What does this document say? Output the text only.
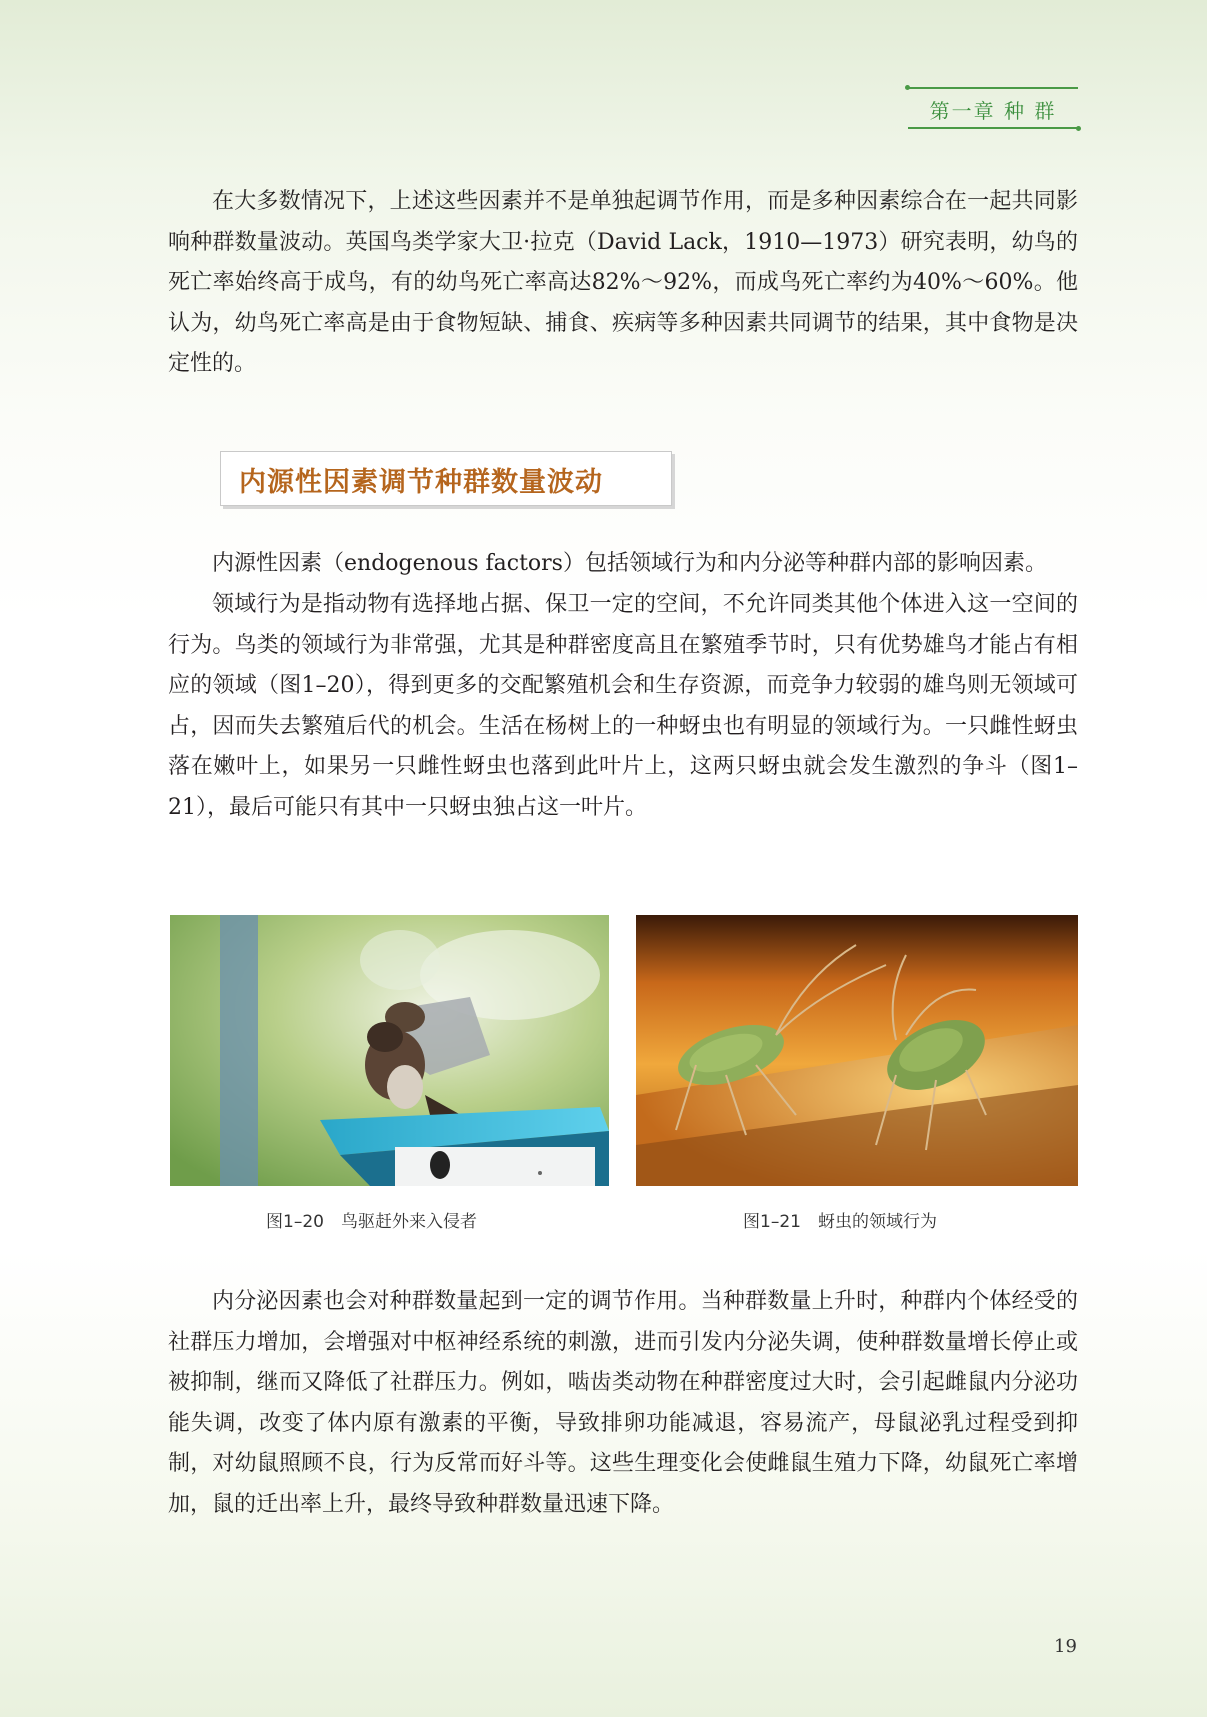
第一章 种 群

在大多数情况下，上述这些因素并不是单独起调节作用，而是多种因素综合在一起共同影响种群数量波动。英国鸟类学家大卫·拉克（David Lack，1910—1973）研究表明，幼鸟的死亡率始终高于成鸟，有的幼鸟死亡率高达82%～92%，而成鸟死亡率约为40%～60%。他认为，幼鸟死亡率高是由于食物短缺、捕食、疾病等多种因素共同调节的结果，其中食物是决定性的。

内源性因素调节种群数量波动

内源性因素（endogenous factors）包括领域行为和内分泌等种群内部的影响因素。

领域行为是指动物有选择地占据、保卫一定的空间，不允许同类其他个体进入这一空间的行为。鸟类的领域行为非常强，尤其是种群密度高且在繁殖季节时，只有优势雄鸟才能占有相应的领域（图1–20），得到更多的交配繁殖机会和生存资源，而竞争力较弱的雄鸟则无领域可占，因而失去繁殖后代的机会。生活在杨树上的一种蚜虫也有明显的领域行为。一只雌性蚜虫落在嫩叶上，如果另一只雌性蚜虫也落到此叶片上，这两只蚜虫就会发生激烈的争斗（图1–21），最后可能只有其中一只蚜虫独占这一叶片。

图1–20　鸟驱赶外来入侵者	图1–21　蚜虫的领域行为

内分泌因素也会对种群数量起到一定的调节作用。当种群数量上升时，种群内个体经受的社群压力增加，会增强对中枢神经系统的刺激，进而引发内分泌失调，使种群数量增长停止或被抑制，继而又降低了社群压力。例如，啮齿类动物在种群密度过大时，会引起雌鼠内分泌功能失调，改变了体内原有激素的平衡，导致排卵功能减退，容易流产，母鼠泌乳过程受到抑制，对幼鼠照顾不良，行为反常而好斗等。这些生理变化会使雌鼠生殖力下降，幼鼠死亡率增加，鼠的迁出率上升，最终导致种群数量迅速下降。

19
